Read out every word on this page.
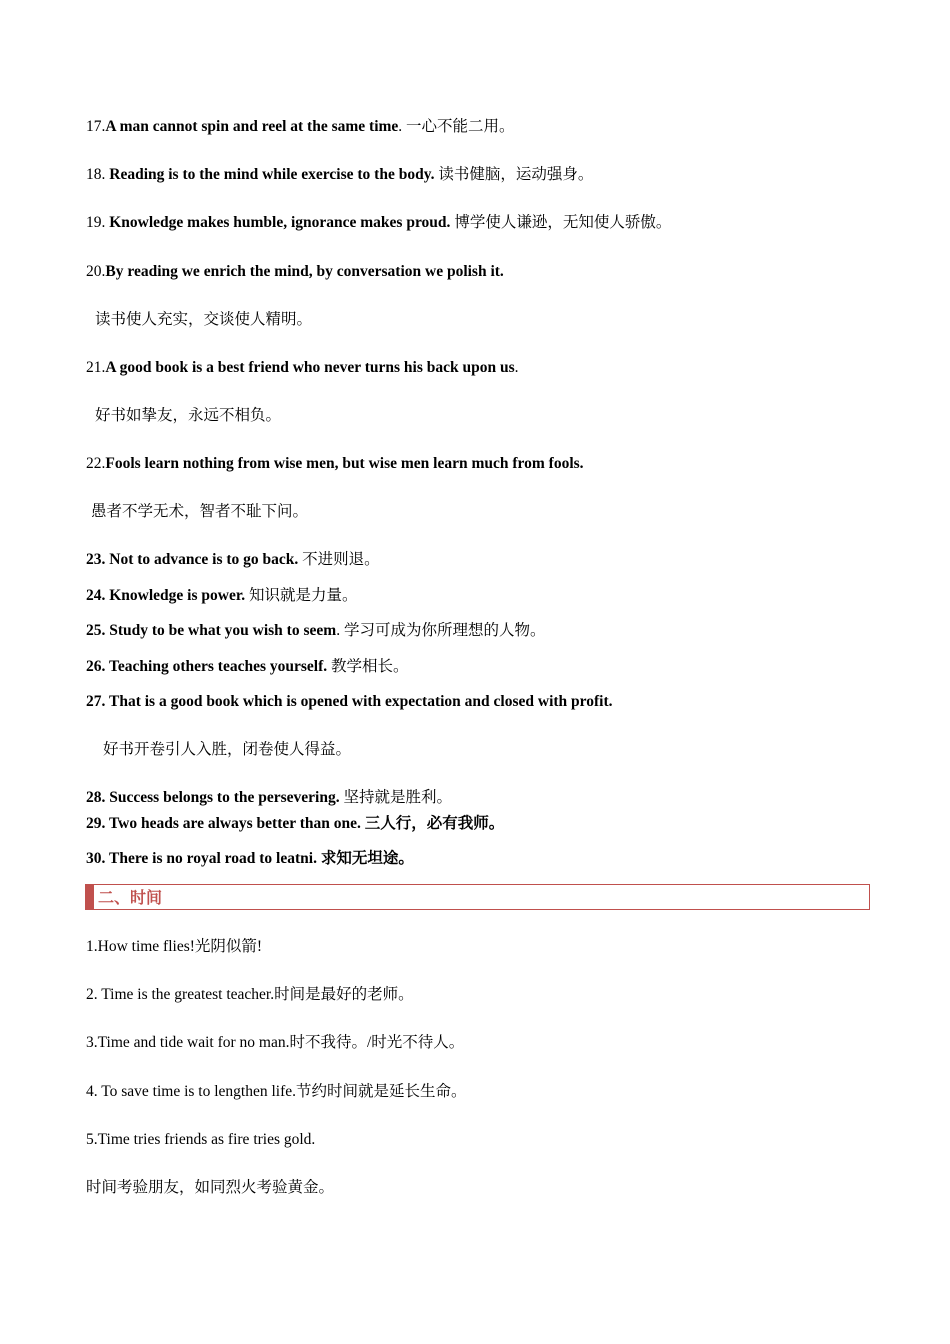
17.A man cannot spin and reel at the same time. 一心不能二用。
18. Reading is to the mind while exercise to the body. 读书健脑，运动强身。
19. Knowledge makes humble, ignorance makes proud. 博学使人谦逊，无知使人骄傲。
20.By reading we enrich the mind, by conversation we polish it.
读书使人充实，交谈使人精明。
21.A good book is a best friend who never turns his back upon us.
好书如挚友，永远不相负。
22.Fools learn nothing from wise men, but wise men learn much from fools.
愚者不学无术，智者不耻下问。
23. Not to advance is to go back. 不进则退。
24. Knowledge is power. 知识就是力量。
25. Study to be what you wish to seem. 学习可成为你所理想的人物。
26. Teaching others teaches yourself. 教学相长。
27. That is a good book which is opened with expectation and closed with profit.
好书开卷引人入胜，闭卷使人得益。
28. Success belongs to the persevering. 坚持就是胜利。
29. Two heads are always better than one. 三人行，必有我师。
30. There is no royal road to leatni. 求知无坦途。
二、时间
1.How time flies!光阴似箭!
2. Time is the greatest teacher.时间是最好的老师。
3.Time and tide wait for no man.时不我待。/时光不待人。
4. To save time is to lengthen life.节约时间就是延长生命。
5.Time tries friends as fire tries gold.
时间考验朋友，如同烈火考验黄金。
